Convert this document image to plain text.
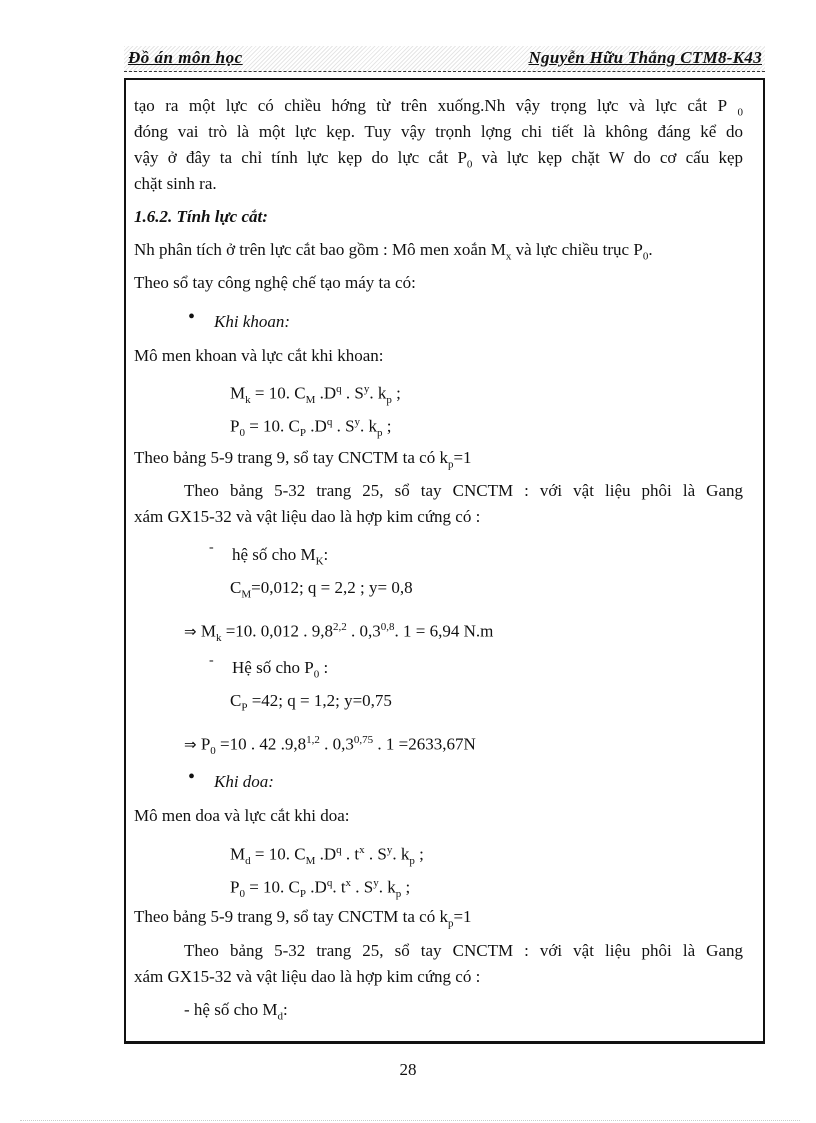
Đồ án môn học	Nguyễn Hữu Thắng CTM8-K43
tạo ra một lực có chiều hớng từ trên xuống.Nh vậy trọng lực và lực cắt P $_0$
đóng vai trò là một lực kẹp. Tuy vậy trọnh lợng chi tiết là không đáng kể do
vậy ở đây ta chỉ tính lực kẹp do lực cắt $P_0$ và lực kẹp chặt W do cơ cấu kẹp
chặt sinh ra.
1.6.2. Tính lực cắt:
Nh phân tích ở trên lực cắt bao gồm : Mô men xoắn $M_x$ và lực chiều trục $P_0$.
Theo sổ tay công nghệ chế tạo máy ta có:
• Khi khoan:
Mô men khoan và lực cắt khi khoan:
$M_k = 10$. $C_M$ $.D^q$ . $S^y$. $k_p$ ;
$P_0 = 10$. $C_P$ $.D^q$ . $S^y$. $k_p$ ;
Theo bảng 5-9 trang 9, sổ tay CNCTM ta có $k_p=1$
Theo bảng 5-32 trang 25, sổ tay CNCTM : với vật liệu phôi là Gang
xám GX15-32 và vật liệu dao là hợp kim cứng có :
- hệ số cho $M_K$:
$C_M=0,012$; q = 2,2 ; y= 0,8
⇒ $M_k =10$. 0,012 . 9,8$^{2,2}$ . 0,3$^{0,8}$. 1 = 6,94 N.m
- Hệ số cho $P_0$ :
$C_P =42$; q = 1,2; y=0,75
⇒ $P_0 =10$ . 42 .9,8$^{1,2}$ . 0,3$^{0,75}$ . 1 =2633,67N
• Khi doa:
Mô men doa và lực cắt khi doa:
$M_d = 10$. $C_M$ $.D^q$ . $t^x$ . $S^y$. $k_p$ ;
$P_0 = 10$. $C_P$ $.D^q$. $t^x$ . $S^y$. $k_p$ ;
Theo bảng 5-9 trang 9, sổ tay CNCTM ta có $k_p=1$
Theo bảng 5-32 trang 25, sổ tay CNCTM : với vật liệu phôi là Gang
xám GX15-32 và vật liệu dao là hợp kim cứng có :
- hệ số cho $M_d$:
28
